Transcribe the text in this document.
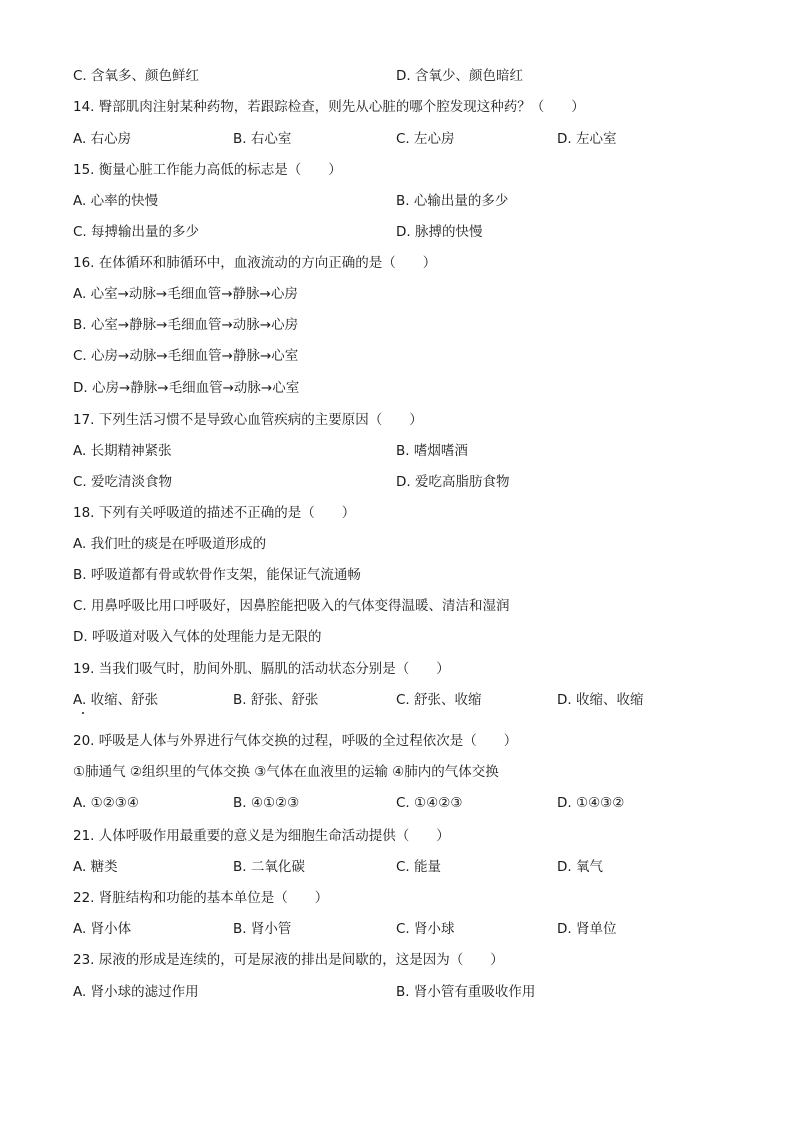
C. 含氧多、颜色鲜红	D. 含氧少、颜色暗红
14. 臀部肌肉注射某种药物，若跟踪检查，则先从心脏的哪个腔发现这种药？（　　）
A. 右心房	B. 右心室	C. 左心房	D. 左心室
15. 衡量心脏工作能力高低的标志是（　　）
A. 心率的快慢	B. 心输出量的多少
C. 每搏输出量的多少	D. 脉搏的快慢
16. 在体循环和肺循环中，血液流动的方向正确的是（　　）
A. 心室→动脉→毛细血管→静脉→心房
B. 心室→静脉→毛细血管→动脉→心房
C. 心房→动脉→毛细血管→静脉→心室
D. 心房→静脉→毛细血管→动脉→心室
17. 下列生活习惯不是导致心血管疾病的主要原因（　　）
A. 长期精神紧张	B. 嗜烟嗜酒
C. 爱吃清淡食物	D. 爱吃高脂肪食物
18. 下列有关呼吸道的描述不正确的是（　　）
A. 我们吐的痰是在呼吸道形成的
B. 呼吸道都有骨或软骨作支架，能保证气流通畅
C. 用鼻呼吸比用口呼吸好，因鼻腔能把吸入的气体变得温暖、清洁和湿润
D. 呼吸道对吸入气体的处理能力是无限的
19. 当我们吸气时，肋间外肌、膈肌的活动状态分别是（　　）
A. 收缩、舒张	B. 舒张、舒张	C. 舒张、收缩	D. 收缩、收缩
20. 呼吸是人体与外界进行气体交换的过程，呼吸的全过程依次是（　　）
①肺通气 ②组织里的气体交换 ③气体在血液里的运输 ④肺内的气体交换
A. ①②③④	B. ④①②③	C. ①④②③	D. ①④③②
21. 人体呼吸作用最重要的意义是为细胞生命活动提供（　　）
A. 糖类	B. 二氧化碳	C. 能量	D. 氧气
22. 肾脏结构和功能的基本单位是（　　）
A. 肾小体	B. 肾小管	C. 肾小球	D. 肾单位
23. 尿液的形成是连续的，可是尿液的排出是间歇的，这是因为（　　）
A. 肾小球的滤过作用	B. 肾小管有重吸收作用
